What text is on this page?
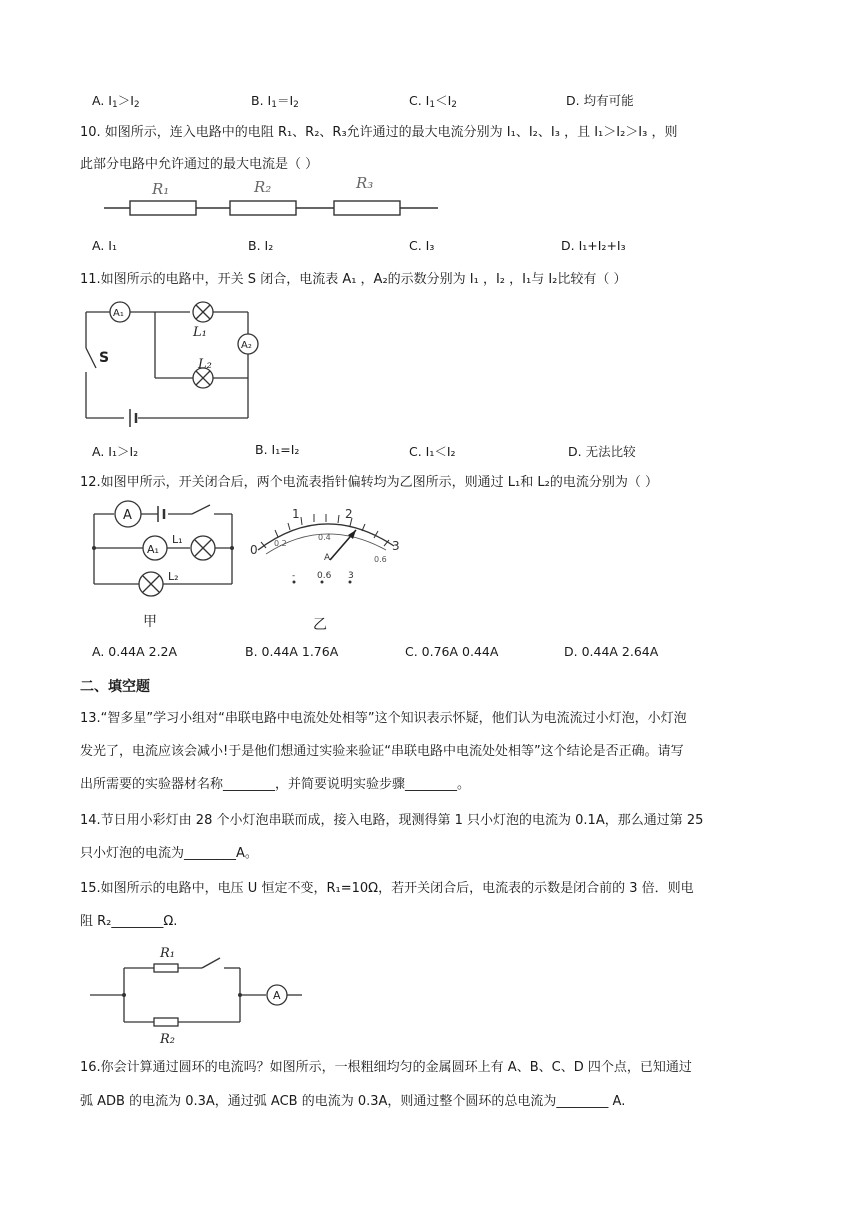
A. $I_1>I_2$	B. $I_1=I_2$	C. $I_1<I_2$	D. 均有可能
10. 如图所示，连入电路中的电阻 R₁、R₂、R₃允许通过的最大电流分别为 I₁、I₂、I₃ ，且 I₁＞I₂＞I₃ ，则
此部分电路中允许通过的最大电流是（ ）
R₁	R₂	R₃
A. I₁	B. I₂	C. I₃	D. I₁+I₂+I₃
11.如图所示的电路中，开关 S 闭合，电流表 A₁ ，A₂的示数分别为 I₁ ，I₂ ，I₁与 I₂比较有（ ）
A₁
A₂
L₁
L₂
S
A. I₁＞I₂	B. I₁=I₂	C. I₁＜I₂	D. 无法比较
12.如图甲所示，开关闭合后，两个电流表指针偏转均为乙图所示，则通过 L₁和 L₂的电流分别为（ ）
A
A₁
L₁
L₂
甲
0
1	2
3
0.2
0.4
0.6
A
- 0.6 3
乙
A. 0.44A 2.2A	B. 0.44A 1.76A	C. 0.76A 0.44A	D. 0.44A 2.64A
二、填空题
13.“智多星”学习小组对“串联电路中电流处处相等”这个知识表示怀疑，他们认为电流流过小灯泡，小灯泡
发光了，电流应该会减小!于是他们想通过实验来验证“串联电路中电流处处相等”这个结论是否正确。请写
出所需要的实验器材名称________，并简要说明实验步骤________。
14.节日用小彩灯由 28 个小灯泡串联而成，接入电路，现测得第 1 只小灯泡的电流为 0.1A，那么通过第 25
只小灯泡的电流为________A。
15.如图所示的电路中，电压 U 恒定不变，R₁=10Ω，若开关闭合后，电流表的示数是闭合前的 3 倍．则电
阻 R₂________Ω.
R₁
R₂
A
16.你会计算通过圆环的电流吗？如图所示，一根粗细均匀的金属圆环上有 A、B、C、D 四个点，已知通过
弧 ADB 的电流为 0.3A，通过弧 ACB 的电流为 0.3A，则通过整个圆环的总电流为________ A.
